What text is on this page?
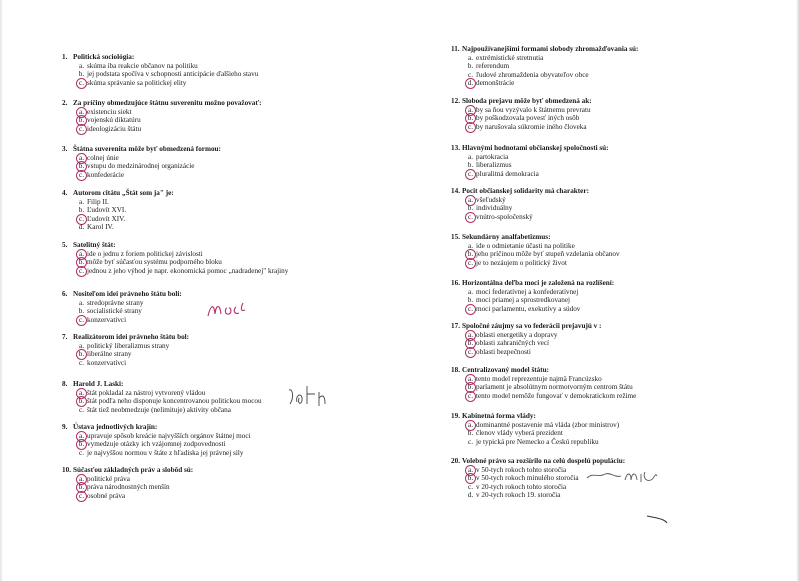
1. Politická sociológia:
a. skúma iba reakcie občanov na politiku
b. jej podstata spočíva v schopnosti anticipácie ďalšieho stavu
c. skúma správanie sa politickej elity
2. Za príčiny obmedzujúce štátnu suverenitu možno považovať:
a. existenciu siekt
b. vojenskú diktatúru
c. ideologizáciu štátu
3. Štátna suverenita môže byť obmedzená formou:
a. colnej únie
b. vstupu do medzinárodnej organizácie
c. konfederácie
4. Autorom citátu „Štát som ja" je:
a. Filip II.
b. Ľudovít XVI.
c. Ľudovít XIV.
d. Karol IV.
5. Satelitný štát:
a. ide o jednu z foriem politickej závislosti
b. môže byť súčasťou systému podporného bloku
c. jednou z jeho výhod je napr. ekonomická pomoc „nadradenej" krajiny
6. Nositeľom idei právneho štátu boli:
a. stredoprávne strany
b. socialistické strany
c. konzervatívci
7. Realizátorom idei právneho štátu bol:
a. politický liberalizmus strany
b. liberálne strany
c. konzervatívci
8. Harold J. Laski:
a. štát pokladal za nástroj vytvorený vládou
b. štát podľa neho disponuje koncentrovanou politickou mocou
c. štát tiež neobmedzuje (nelimituje) aktivity občana
9. Ústava jednotlivých krajín:
a. upravuje spôsob kreácie najvyšších orgánov štátnej moci
b. vymedzuje otázky ich vzájomnej zodpovednosti
c. je najvyššou normou v štáte z hľadiska jej právnej sily
10. Súčasťou základných práv a slobôd sú:
a. politické práva
b. práva národnostných menšín
c. osobné práva
11. Najpoužívanejšími formami slobody zhromažďovania sú:
a. extrémistické stretnutia
b. referendum
c. ľudové zhromaždenia obyvateľov obce
d. demonštrácie
12. Sloboda prejavu môže byť obmedzená ak:
a. by sa ňou vyzývalo k štátnemu prevratu
b. by poškodzovala povesť iných osôb
c. by narušovala súkromie iného človeka
13. Hlavnými hodnotami občianskej spoločnosti sú:
a. partokracia
b. liberalizmus
c. pluralitná demokracia
14. Pocit občianskej solidarity má charakter:
a. všeľudský
b. individuálny
c. vnútro-spoločenský
15. Sekundárny analfabetizmus:
a. ide o odmietanie účasti na politike
b. jeho príčinou môže byť stupeň vzdelania občanov
c. je to nezáujem o politický život
16. Horizontálna deľba moci je založená na rozlíšení:
a. moci federatívnej a konfederatívnej
b. moci priamej a sprostredkovanej
c. moci parlamentu, exekutívy a súdov
17. Spoločné záujmy sa vo federácii prejavujú v :
a. oblasti energetiky a dopravy
b. oblasti zahraničných vecí
c. oblasti bezpečnosti
18. Centralizovaný model štátu:
a. tento model reprezentuje najmä Francúzsko
b. parlament je absolútnym normotvorným centrom štátu
c. tento model nemôže fungovať v demokratickom režime
19. Kabinetná forma vlády:
a. dominantné postavenie má vláda (zbor ministrov)
b. členov vlády vyberá prezident
c. je typická pre Nemecko a Českú republiku
20. Volebné právo sa rozšírilo na celú dospelú populáciu:
a. v 50-tych rokoch tohto storočia
b. v 50-tych rokoch minulého storočia
c. v 20-tych rokoch tohto storočia
d. v 20-tych rokoch 19. storočia
